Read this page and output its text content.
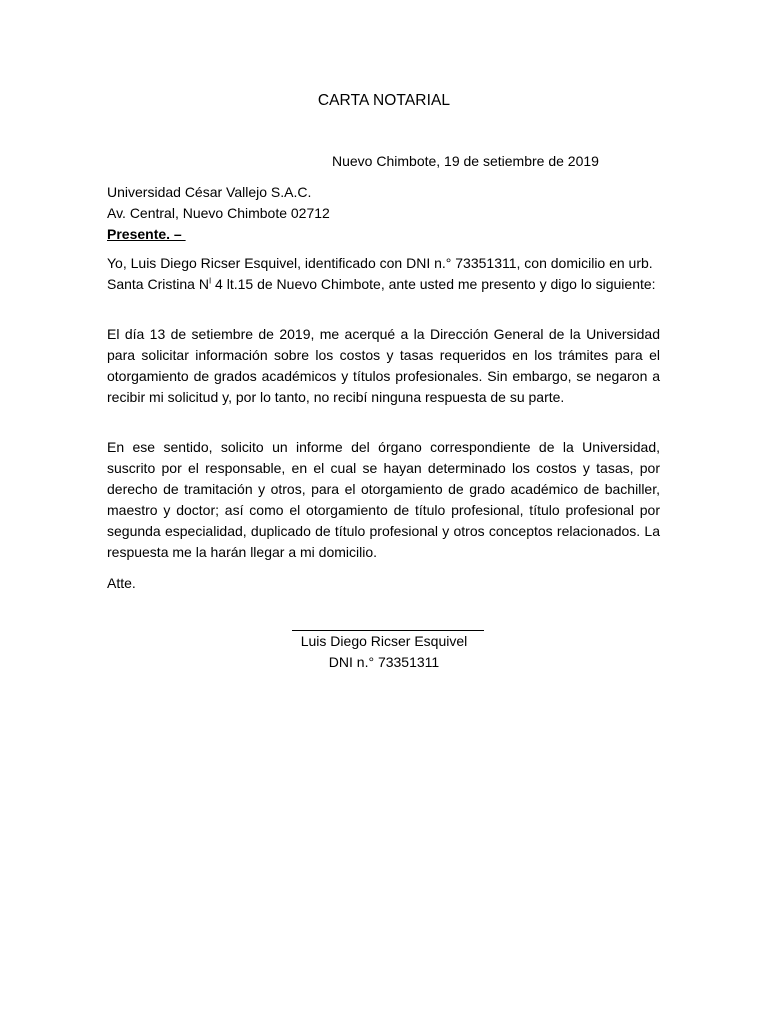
CARTA NOTARIAL
Nuevo Chimbote, 19 de setiembre de 2019
Universidad César Vallejo S.A.C.
Av. Central, Nuevo Chimbote 02712
Presente. –

Yo, Luis Diego Ricser Esquivel, identificado con DNI n.° 73351311, con domicilio en urb. Santa Cristina $N^I$ 4 lt.15 de Nuevo Chimbote, ante usted me presento y digo lo siguiente:

El día 13 de setiembre de 2019, me acerqué a la Dirección General de la Universidad para solicitar información sobre los costos y tasas requeridos en los trámites para el otorgamiento de grados académicos y títulos profesionales. Sin embargo, se negaron a recibir mi solicitud y, por lo tanto, no recibí ninguna respuesta de su parte.

En ese sentido, solicito un informe del órgano correspondiente de la Universidad, suscrito por el responsable, en el cual se hayan determinado los costos y tasas, por derecho de tramitación y otros, para el otorgamiento de grado académico de bachiller, maestro y doctor; así como el otorgamiento de título profesional, título profesional por segunda especialidad, duplicado de título profesional y otros conceptos relacionados. La respuesta me la harán llegar a mi domicilio.

Atte.

Luis Diego Ricser Esquivel
DNI n.° 73351311
